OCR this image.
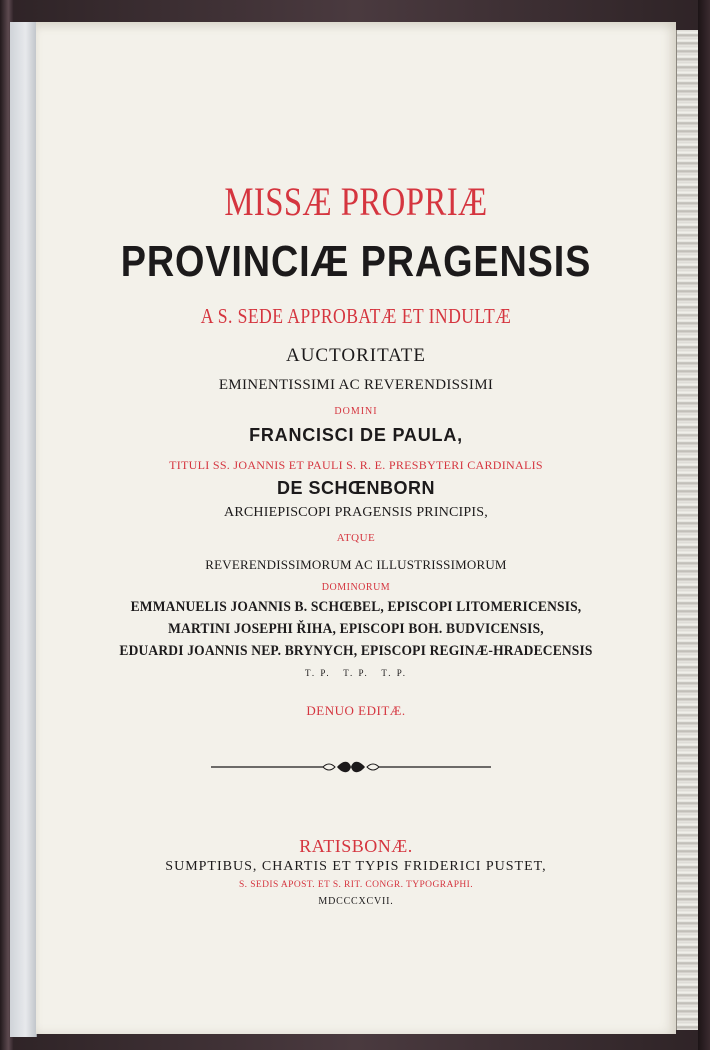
MISSÆ PROPRIÆ
PROVINCIÆ PRAGENSIS
A S. SEDE APPROBATÆ ET INDULTÆ
AUCTORITATE
EMINENTISSIMI AC REVERENDISSIMI
DOMINI
FRANCISCI DE PAULA,
TITULI SS. JOANNIS ET PAULI S. R. E. PRESBYTERI CARDINALIS
DE SCHŒNBORN
ARCHIEPISCOPI PRAGENSIS PRINCIPIS,
ATQUE
REVERENDISSIMORUM AC ILLUSTRISSIMORUM
DOMINORUM
EMMANUELIS JOANNIS B. SCHŒBEL, EPISCOPI LITOMERICENSIS,
MARTINI JOSEPHI ŘIHA, EPISCOPI BOH. BUDVICENSIS,
EDUARDI JOANNIS NEP. BRYNYCH, EPISCOPI REGINÆ-HRADECENSIS
T. P.   T. P.   T. P.
DENUO EDITÆ.
RATISBONÆ.
SUMPTIBUS, CHARTIS ET TYPIS FRIDERICI PUSTET,
S. SEDIS APOST. ET S. RIT. CONGR. TYPOGRAPHI.
MDCCCXCVII.
